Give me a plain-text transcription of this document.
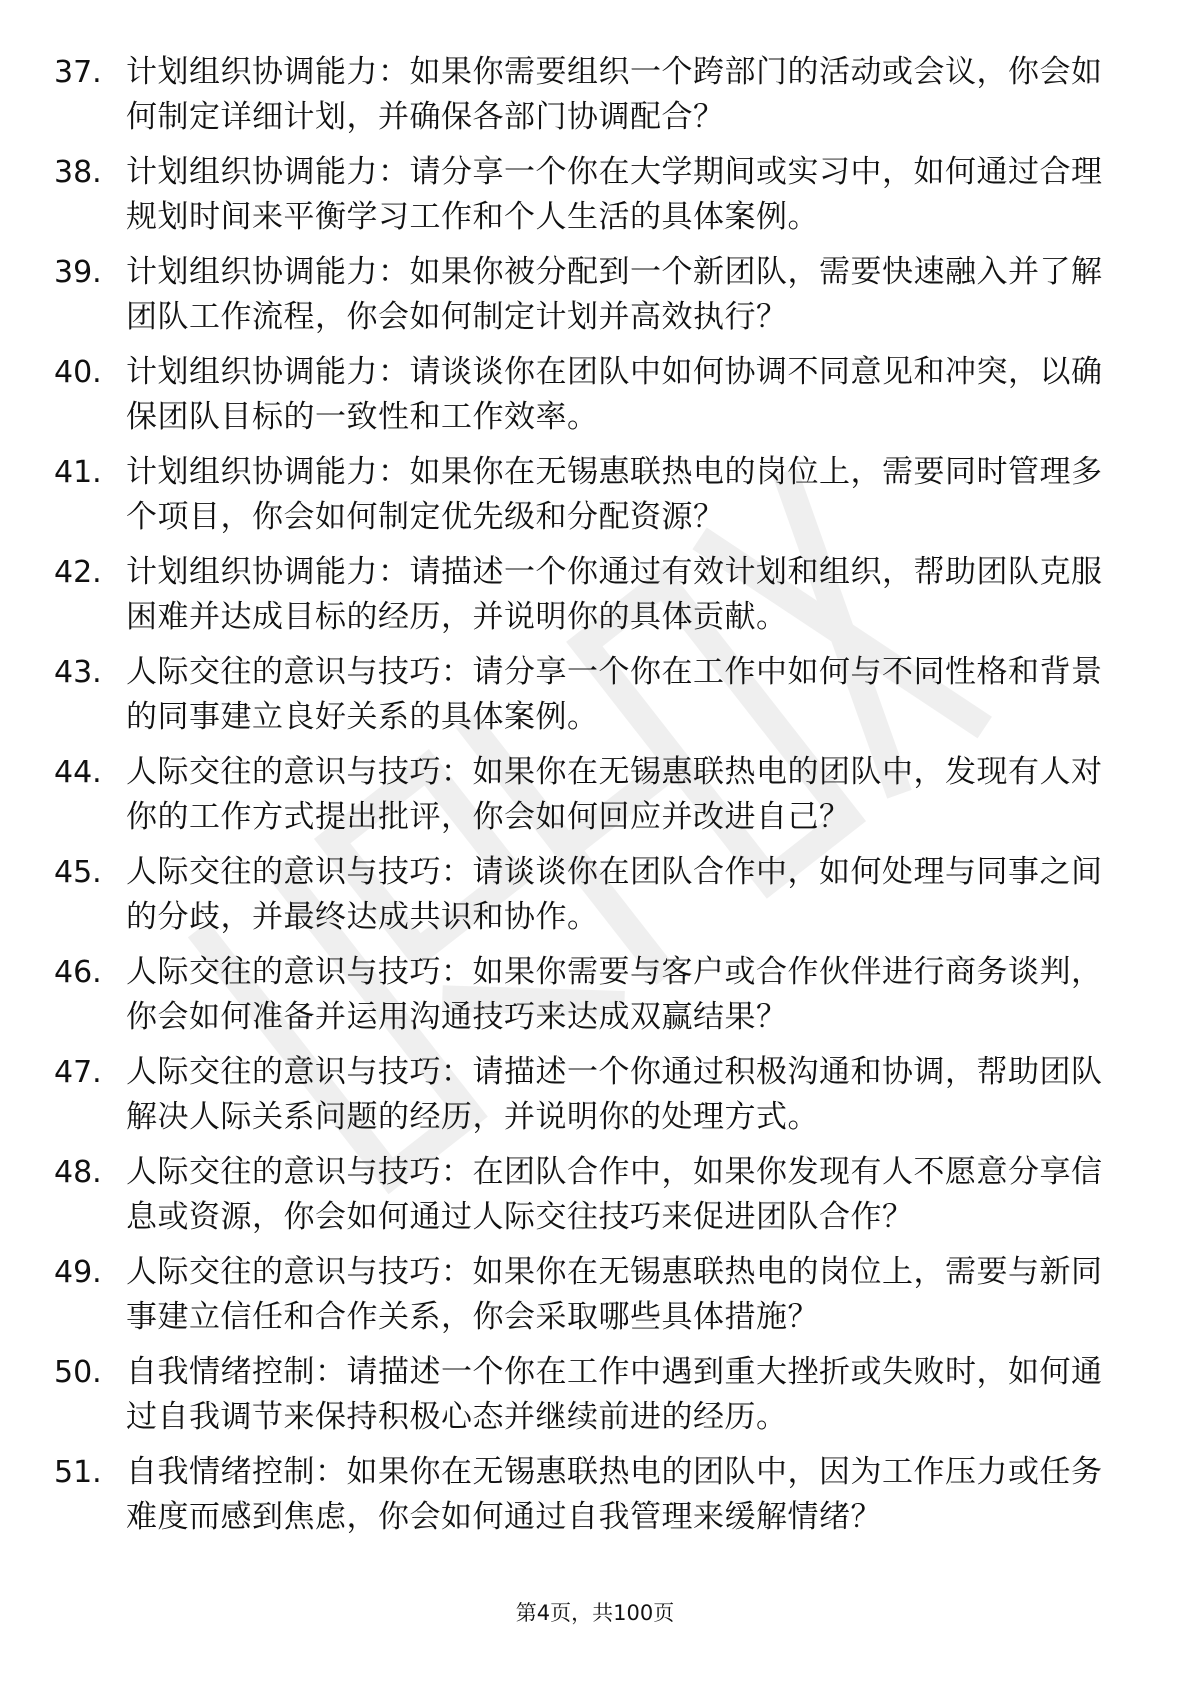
37. 计划组织协调能力：如果你需要组织一个跨部门的活动或会议，你会如何制定详细计划，并确保各部门协调配合？
38. 计划组织协调能力：请分享一个你在大学期间或实习中，如何通过合理规划时间来平衡学习工作和个人生活的具体案例。
39. 计划组织协调能力：如果你被分配到一个新团队，需要快速融入并了解团队工作流程，你会如何制定计划并高效执行？
40. 计划组织协调能力：请谈谈你在团队中如何协调不同意见和冲突，以确保团队目标的一致性和工作效率。
41. 计划组织协调能力：如果你在无锡惠联热电的岗位上，需要同时管理多个项目，你会如何制定优先级和分配资源？
42. 计划组织协调能力：请描述一个你通过有效计划和组织，帮助团队克服困难并达成目标的经历，并说明你的具体贡献。
43. 人际交往的意识与技巧：请分享一个你在工作中如何与不同性格和背景的同事建立良好关系的具体案例。
44. 人际交往的意识与技巧：如果你在无锡惠联热电的团队中，发现有人对你的工作方式提出批评，你会如何回应并改进自己？
45. 人际交往的意识与技巧：请谈谈你在团队合作中，如何处理与同事之间的分歧，并最终达成共识和协作。
46. 人际交往的意识与技巧：如果你需要与客户或合作伙伴进行商务谈判，你会如何准备并运用沟通技巧来达成双赢结果？
47. 人际交往的意识与技巧：请描述一个你通过积极沟通和协调，帮助团队解决人际关系问题的经历，并说明你的处理方式。
48. 人际交往的意识与技巧：在团队合作中，如果你发现有人不愿意分享信息或资源，你会如何通过人际交往技巧来促进团队合作？
49. 人际交往的意识与技巧：如果你在无锡惠联热电的岗位上，需要与新同事建立信任和合作关系，你会采取哪些具体措施？
50. 自我情绪控制：请描述一个你在工作中遇到重大挫折或失败时，如何通过自我调节来保持积极心态并继续前进的经历。
51. 自我情绪控制：如果你在无锡惠联热电的团队中，因为工作压力或任务难度而感到焦虑，你会如何通过自我管理来缓解情绪？
第4页，共100页
